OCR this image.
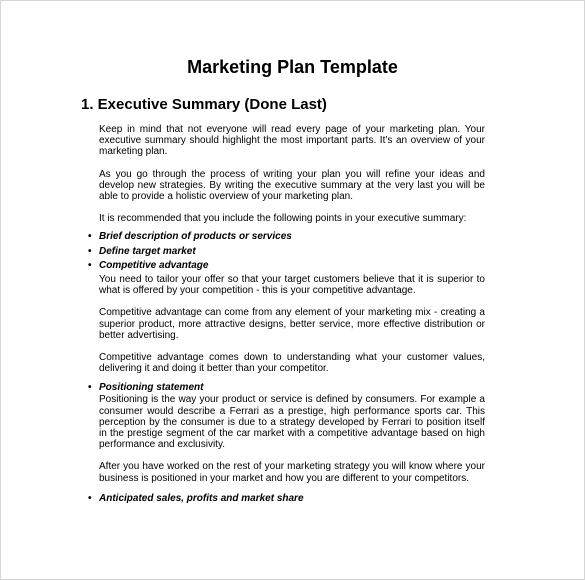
Marketing Plan Template
1. Executive Summary (Done Last)

Keep in mind that not everyone will read every page of your marketing plan. Your executive summary should highlight the most important parts. It’s an overview of your marketing plan.

As you go through the process of writing your plan you will refine your ideas and develop new strategies. By writing the executive summary at the very last you will be able to provide a holistic overview of your marketing plan.

It is recommended that you include the following points in your executive summary:

• Brief description of products or services
• Define target market
• Competitive advantage

You need to tailor your offer so that your target customers believe that it is superior to what is offered by your competition - this is your competitive advantage.

Competitive advantage can come from any element of your marketing mix - creating a superior product, more attractive designs, better service, more effective distribution or better advertising.

Competitive advantage comes down to understanding what your customer values, delivering it and doing it better than your competitor.

• Positioning statement

Positioning is the way your product or service is defined by consumers. For example a consumer would describe a Ferrari as a prestige, high performance sports car. This perception by the consumer is due to a strategy developed by Ferrari to position itself in the prestige segment of the car market with a competitive advantage based on high performance and exclusivity.

After you have worked on the rest of your marketing strategy you will know where your business is positioned in your market and how you are different to your competitors.

• Anticipated sales, profits and market share
